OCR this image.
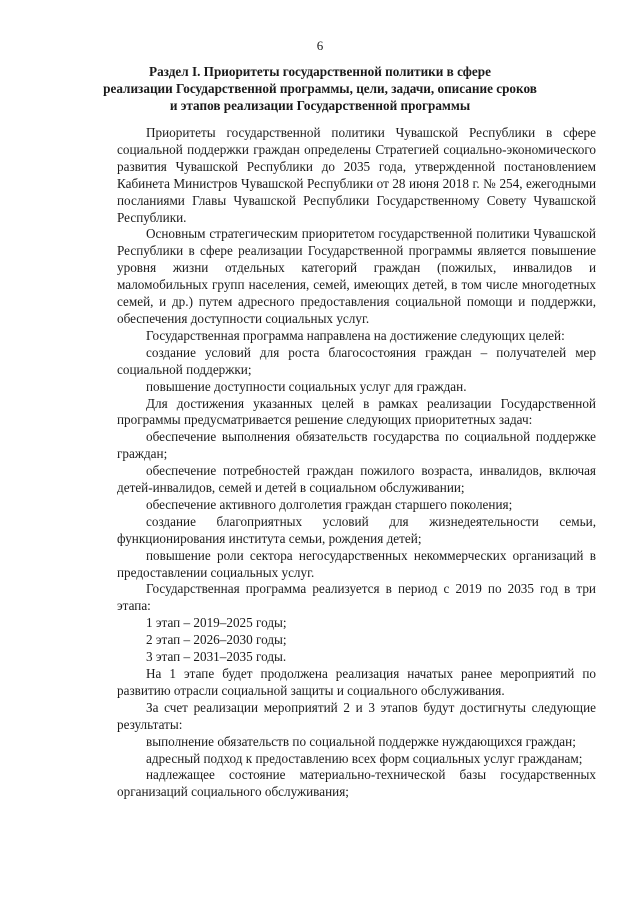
6
Раздел I. Приоритеты государственной политики в сфере
реализации Государственной программы, цели, задачи, описание сроков
и этапов реализации Государственной программы

Приоритеты государственной политики Чувашской Республики в сфере социальной поддержки граждан определены Стратегией социально-экономического развития Чувашской Республики до 2035 года, утвержденной постановлением Кабинета Министров Чувашской Республики от 28 июня 2018 г. № 254, ежегодными посланиями Главы Чувашской Республики Государственному Совету Чувашской Республики.

Основным стратегическим приоритетом государственной политики Чувашской Республики в сфере реализации Государственной программы является повышение уровня жизни отдельных категорий граждан (пожилых, инвалидов и маломобильных групп населения, семей, имеющих детей, в том числе многодетных семей, и др.) путем адресного предоставления социальной помощи и поддержки, обеспечения доступности социальных услуг.

Государственная программа направлена на достижение следующих целей:

создание условий для роста благосостояния граждан – получателей мер социальной поддержки;

повышение доступности социальных услуг для граждан.

Для достижения указанных целей в рамках реализации Государственной программы предусматривается решение следующих приоритетных задач:

обеспечение выполнения обязательств государства по социальной поддержке граждан;

обеспечение потребностей граждан пожилого возраста, инвалидов, включая детей-инвалидов, семей и детей в социальном обслуживании;

обеспечение активного долголетия граждан старшего поколения;

создание благоприятных условий для жизнедеятельности семьи, функционирования института семьи, рождения детей;

повышение роли сектора негосударственных некоммерческих организаций в предоставлении социальных услуг.

Государственная программа реализуется в период с 2019 по 2035 год в три этапа:

1 этап – 2019–2025 годы;

2 этап – 2026–2030 годы;

3 этап – 2031–2035 годы.

На 1 этапе будет продолжена реализация начатых ранее мероприятий по развитию отрасли социальной защиты и социального обслуживания.

За счет реализации мероприятий 2 и 3 этапов будут достигнуты следующие результаты:

выполнение обязательств по социальной поддержке нуждающихся граждан;

адресный подход к предоставлению всех форм социальных услуг гражданам;

надлежащее состояние материально-технической базы государственных организаций социального обслуживания;
